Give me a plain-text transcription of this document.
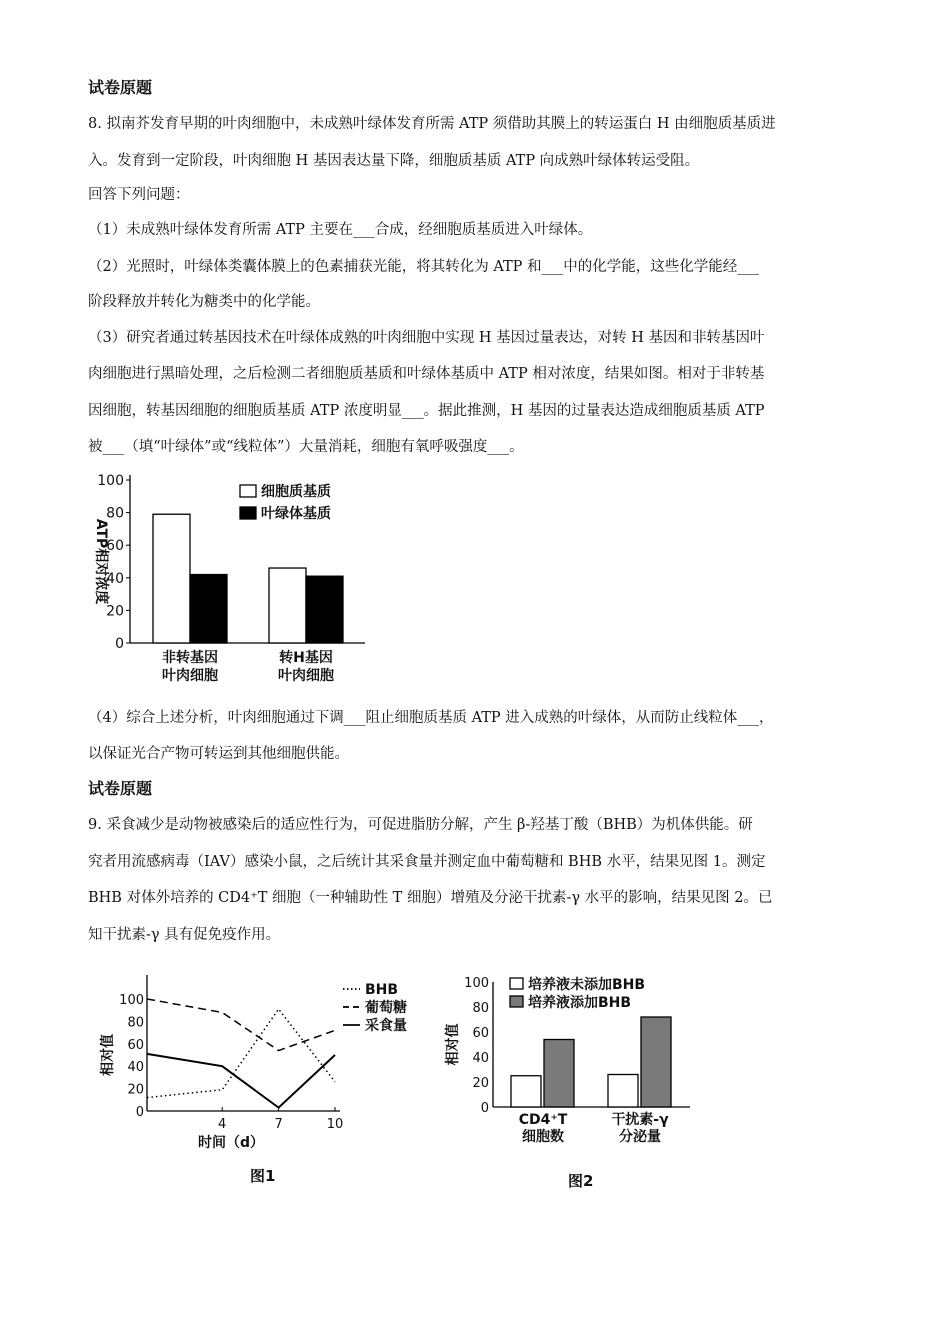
试卷原题
8. 拟南芥发育早期的叶肉细胞中，未成熟叶绿体发育所需 ATP 须借助其膜上的转运蛋白 H 由细胞质基质进
入。发育到一定阶段，叶肉细胞 H 基因表达量下降，细胞质基质 ATP 向成熟叶绿体转运受阻。
回答下列问题：
（1）未成熟叶绿体发育所需 ATP 主要在___合成，经细胞质基质进入叶绿体。
（2）光照时，叶绿体类囊体膜上的色素捕获光能，将其转化为 ATP 和___中的化学能，这些化学能经___
阶段释放并转化为糖类中的化学能。
（3）研究者通过转基因技术在叶绿体成熟的叶肉细胞中实现 H 基因过量表达，对转 H 基因和非转基因叶
肉细胞进行黑暗处理，之后检测二者细胞质基质和叶绿体基质中 ATP 相对浓度，结果如图。相对于非转基
因细胞，转基因细胞的细胞质基质 ATP 浓度明显___。据此推测，H 基因的过量表达造成细胞质基质 ATP
被___（填“叶绿体”或“线粒体”）大量消耗，细胞有氧呼吸强度___。
0
20
40
60
80
100
ATP相对浓度
非转基因
叶肉细胞
转H基因
叶肉细胞
细胞质基质
叶绿体基质
（4）综合上述分析，叶肉细胞通过下调___阻止细胞质基质 ATP 进入成熟的叶绿体，从而防止线粒体___，
以保证光合产物可转运到其他细胞供能。
试卷原题
9. 采食减少是动物被感染后的适应性行为，可促进脂肪分解，产生 β-羟基丁酸（BHB）为机体供能。研
究者用流感病毒（IAV）感染小鼠，之后统计其采食量并测定血中葡萄糖和 BHB 水平，结果见图 1。测定
BHB 对体外培养的 CD4⁺T 细胞（一种辅助性 T 细胞）增殖及分泌干扰素-γ 水平的影响，结果见图 2。已
知干扰素-γ 具有促免疫作用。
0
20
40
60
80
100
4	7	10
相对值
时间（d）
BHB
葡萄糖
采食量
图1
0
20
40
60
80
100
相对值
CD4⁺T
细胞数
干扰素-γ
分泌量
培养液未添加BHB
培养液添加BHB
图2
